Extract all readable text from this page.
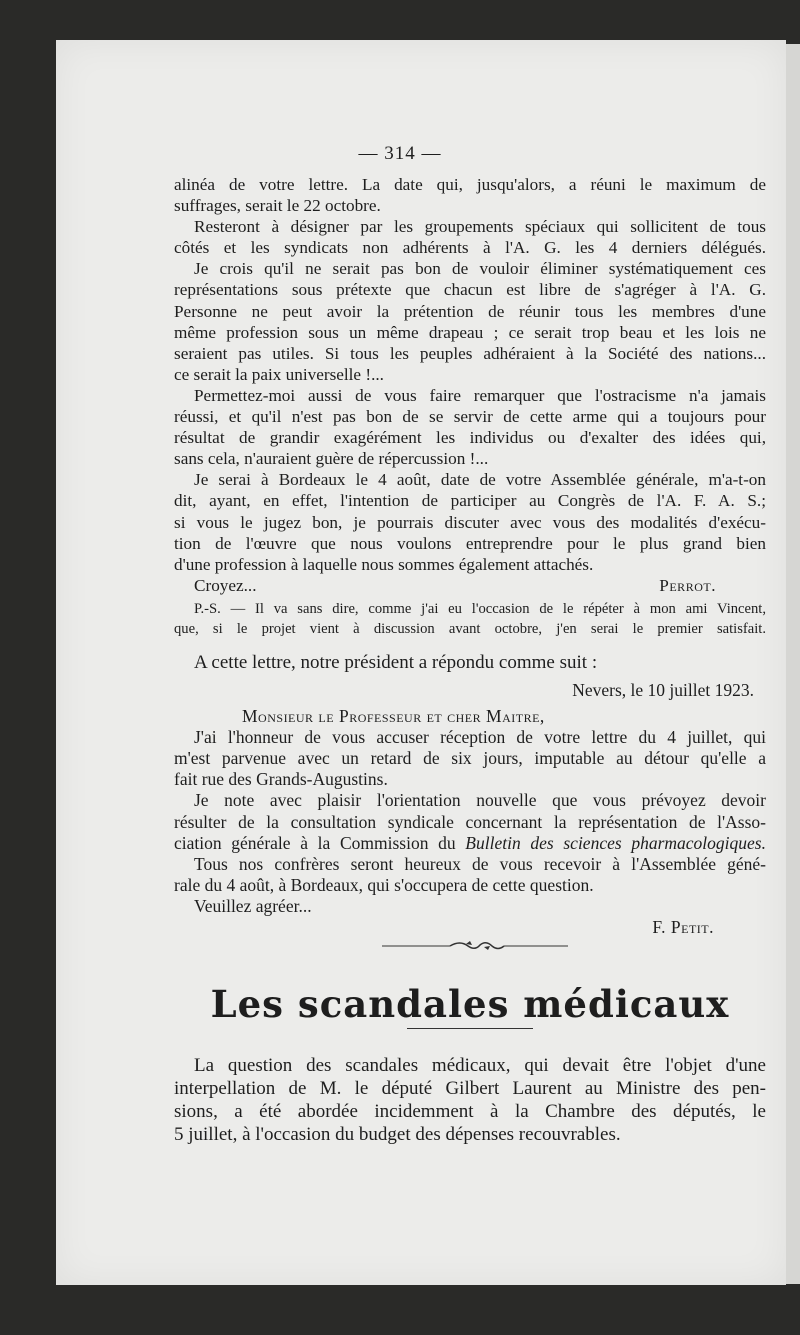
— 314 —
alinéa de votre lettre. La date qui, jusqu'alors, a réuni le maximum de
suffrages, serait le 22 octobre.
Resteront à désigner par les groupements spéciaux qui sollicitent de tous
côtés et les syndicats non adhérents à l'A. G. les 4 derniers délégués.
Je crois qu'il ne serait pas bon de vouloir éliminer systématiquement ces
représentations sous prétexte que chacun est libre de s'agréger à l'A. G.
Personne ne peut avoir la prétention de réunir tous les membres d'une
même profession sous un même drapeau ; ce serait trop beau et les lois ne
seraient pas utiles. Si tous les peuples adhéraient à la Société des nations...
ce serait la paix universelle !...
Permettez-moi aussi de vous faire remarquer que l'ostracisme n'a jamais
réussi, et qu'il n'est pas bon de se servir de cette arme qui a toujours pour
résultat de grandir exagérément les individus ou d'exalter des idées qui,
sans cela, n'auraient guère de répercussion !...
Je serai à Bordeaux le 4 août, date de votre Assemblée générale, m'a-t-on
dit, ayant, en effet, l'intention de participer au Congrès de l'A. F. A. S.;
si vous le jugez bon, je pourrais discuter avec vous des modalités d'exécu-
tion de l'œuvre que nous voulons entreprendre pour le plus grand bien
d'une profession à laquelle nous sommes également attachés.
Croyez...	Perrot.
P.-S. — Il va sans dire, comme j'ai eu l'occasion de le répéter à mon ami Vincent,
que, si le projet vient à discussion avant octobre, j'en serai le premier satisfait.
A cette lettre, notre président a répondu comme suit :
Nevers, le 10 juillet 1923.
Monsieur le Professeur et cher Maitre,
J'ai l'honneur de vous accuser réception de votre lettre du 4 juillet, qui
m'est parvenue avec un retard de six jours, imputable au détour qu'elle a
fait rue des Grands-Augustins.
Je note avec plaisir l'orientation nouvelle que vous prévoyez devoir
résulter de la consultation syndicale concernant la représentation de l'Asso-
ciation générale à la Commission du Bulletin des sciences pharmacologiques.
Tous nos confrères seront heureux de vous recevoir à l'Assemblée géné-
rale du 4 août, à Bordeaux, qui s'occupera de cette question.
Veuillez agréer...
F. Petit.
Les scandales médicaux
La question des scandales médicaux, qui devait être l'objet d'une
interpellation de M. le député Gilbert Laurent au Ministre des pen-
sions, a été abordée incidemment à la Chambre des députés, le
5 juillet, à l'occasion du budget des dépenses recouvrables.
